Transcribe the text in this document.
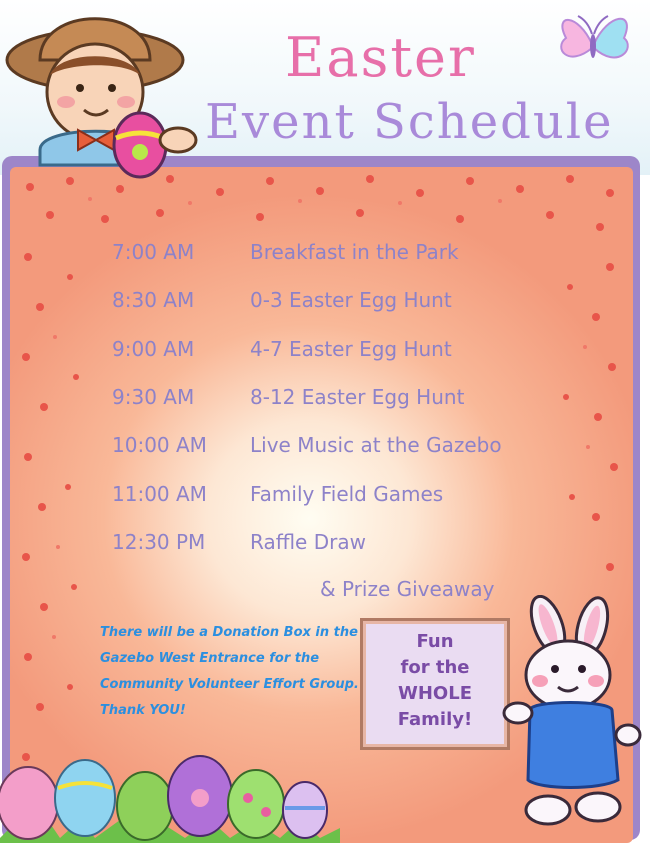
Easter
Event Schedule
7:00 AM	Breakfast in the Park
8:30 AM	0-3 Easter Egg Hunt
9:00 AM	4-7 Easter Egg Hunt
9:30 AM	8-12 Easter Egg Hunt
10:00 AM Live Music at the Gazebo
11:00 AM Family Field Games
12:30 PM Raffle Draw
& Prize Giveaway

There will be a Donation Box in the Gazebo West Entrance for the Community Volunteer Effort Group. Thank YOU!

Fun
for the
WHOLE
Family!
